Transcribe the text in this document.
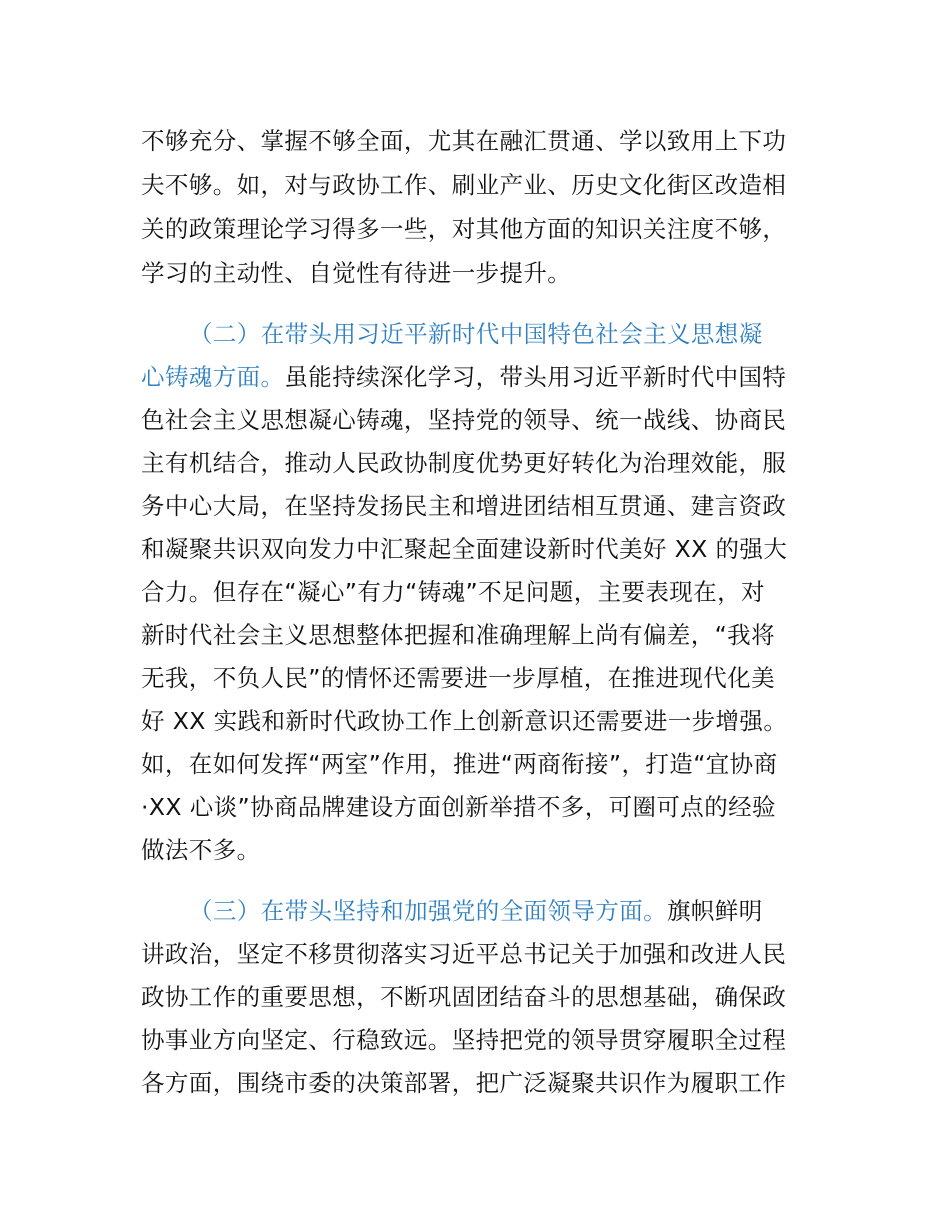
不够充分、掌握不够全面，尤其在融汇贯通、学以致用上下功
夫不够。如，对与政协工作、刷业产业、历史文化街区改造相
关的政策理论学习得多一些，对其他方面的知识关注度不够，
学习的主动性、自觉性有待进一步提升。
（二）在带头用习近平新时代中国特色社会主义思想凝
心铸魂方面。虽能持续深化学习，带头用习近平新时代中国特
色社会主义思想凝心铸魂，坚持党的领导、统一战线、协商民
主有机结合，推动人民政协制度优势更好转化为治理效能，服
务中心大局，在坚持发扬民主和增进团结相互贯通、建言资政
和凝聚共识双向发力中汇聚起全面建设新时代美好 XX 的强大
合力。但存在“凝心”有力“铸魂”不足问题，主要表现在，对
新时代社会主义思想整体把握和准确理解上尚有偏差，“我将
无我，不负人民”的情怀还需要进一步厚植，在推进现代化美
好 XX 实践和新时代政协工作上创新意识还需要进一步增强。
如，在如何发挥“两室”作用，推进“两商衔接”，打造“宜协商
·XX 心谈”协商品牌建设方面创新举措不多，可圈可点的经验
做法不多。
（三）在带头坚持和加强党的全面领导方面。旗帜鲜明
讲政治，坚定不移贯彻落实习近平总书记关于加强和改进人民
政协工作的重要思想，不断巩固团结奋斗的思想基础，确保政
协事业方向坚定、行稳致远。坚持把党的领导贯穿履职全过程
各方面，围绕市委的决策部署，把广泛凝聚共识作为履职工作
